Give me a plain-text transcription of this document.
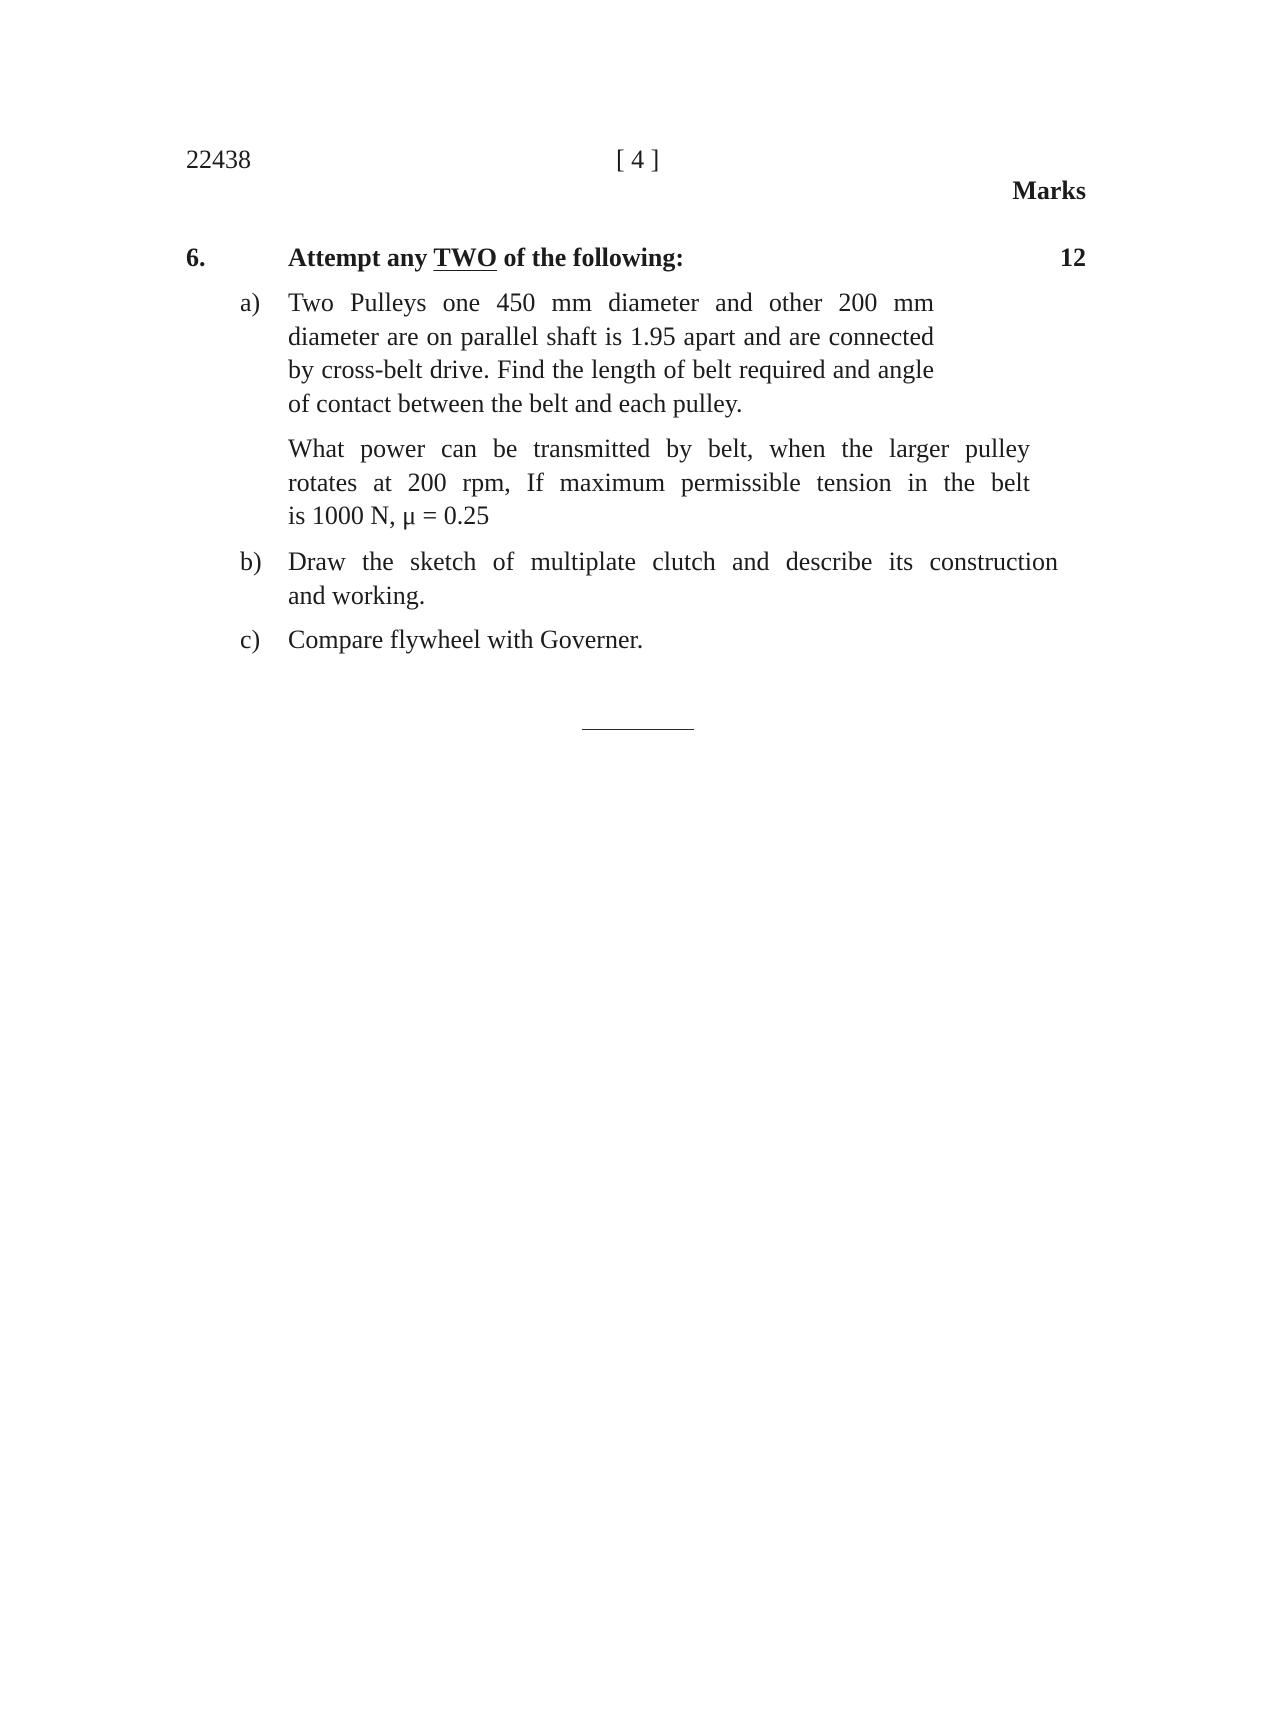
22438	[ 4 ]
Marks
6.	Attempt any TWO of the following:	12
a) Two Pulleys one 450 mm diameter and other 200 mm
diameter are on parallel shaft is 1.95 apart and are connected
by cross-belt drive. Find the length of belt required and angle
of contact between the belt and each pulley.
What power can be transmitted by belt, when the larger pulley
rotates at 200 rpm, If maximum permissible tension in the belt
is 1000 N, μ = 0.25
b) Draw the sketch of multiplate clutch and describe its construction
and working.
c) Compare flywheel with Governer.
